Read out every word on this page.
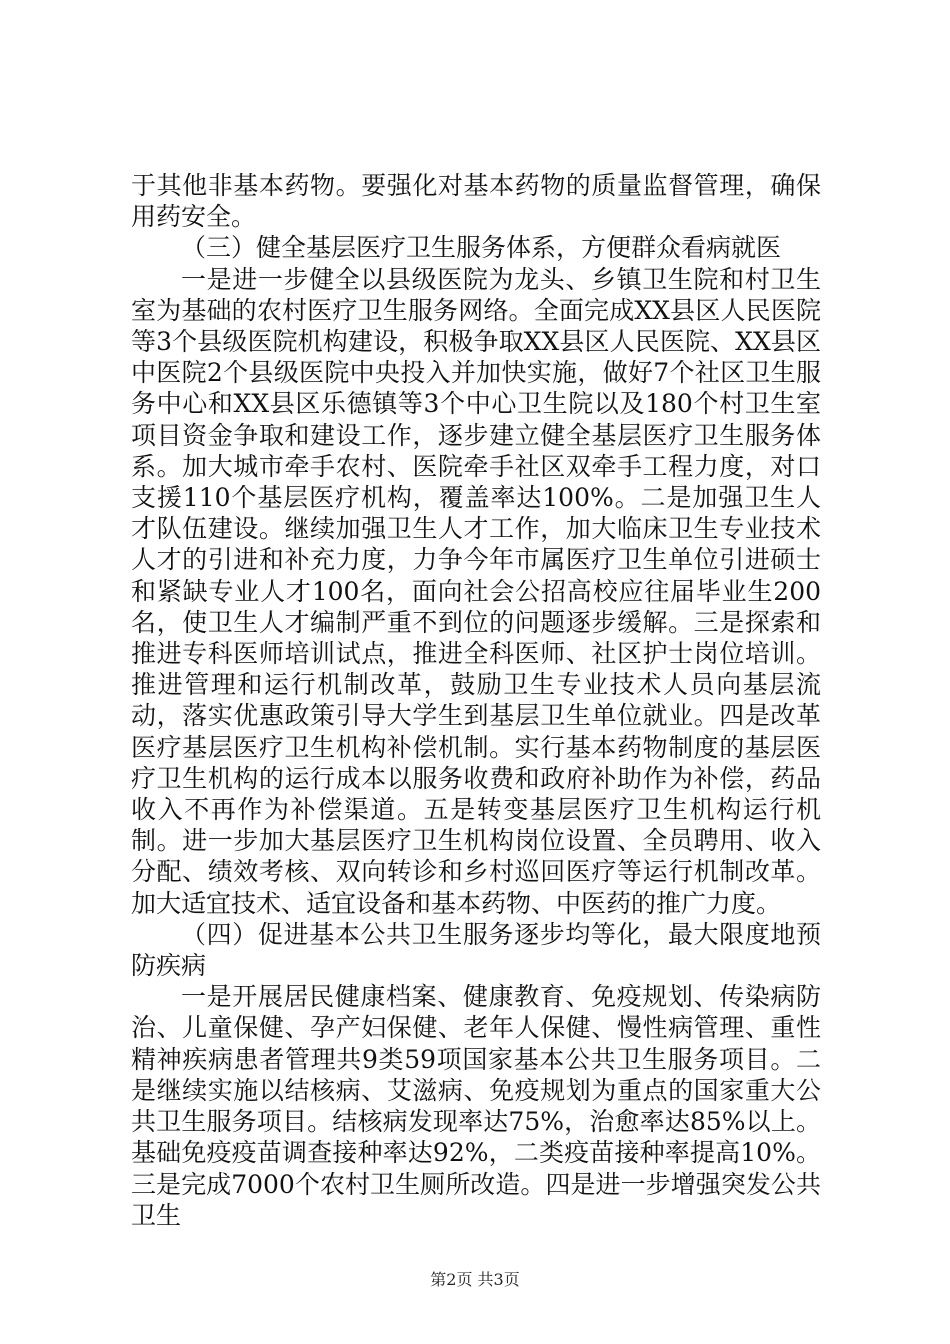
于其他非基本药物。要强化对基本药物的质量监督管理，确保用药安全。

（三）健全基层医疗卫生服务体系，方便群众看病就医

一是进一步健全以县级医院为龙头、乡镇卫生院和村卫生室为基础的农村医疗卫生服务网络。全面完成XX县区人民医院等3个县级医院机构建设，积极争取XX县区人民医院、XX县区中医院2个县级医院中央投入并加快实施，做好7个社区卫生服务中心和XX县区乐德镇等3个中心卫生院以及180个村卫生室项目资金争取和建设工作，逐步建立健全基层医疗卫生服务体系。加大城市牵手农村、医院牵手社区双牵手工程力度，对口支援110个基层医疗机构，覆盖率达100%。二是加强卫生人才队伍建设。继续加强卫生人才工作，加大临床卫生专业技术人才的引进和补充力度，力争今年市属医疗卫生单位引进硕士和紧缺专业人才100名，面向社会公招高校应往届毕业生200名，使卫生人才编制严重不到位的问题逐步缓解。三是探索和推进专科医师培训试点，推进全科医师、社区护士岗位培训。推进管理和运行机制改革，鼓励卫生专业技术人员向基层流动，落实优惠政策引导大学生到基层卫生单位就业。四是改革医疗基层医疗卫生机构补偿机制。实行基本药物制度的基层医疗卫生机构的运行成本以服务收费和政府补助作为补偿，药品收入不再作为补偿渠道。五是转变基层医疗卫生机构运行机制。进一步加大基层医疗卫生机构岗位设置、全员聘用、收入分配、绩效考核、双向转诊和乡村巡回医疗等运行机制改革。加大适宜技术、适宜设备和基本药物、中医药的推广力度。

（四）促进基本公共卫生服务逐步均等化，最大限度地预防疾病

一是开展居民健康档案、健康教育、免疫规划、传染病防治、儿童保健、孕产妇保健、老年人保健、慢性病管理、重性精神疾病患者管理共9类59项国家基本公共卫生服务项目。二是继续实施以结核病、艾滋病、免疫规划为重点的国家重大公共卫生服务项目。结核病发现率达75%，治愈率达85%以上。基础免疫疫苗调查接种率达92%，二类疫苗接种率提高10%。三是完成7000个农村卫生厕所改造。四是进一步增强突发公共卫生

第2页 共3页
